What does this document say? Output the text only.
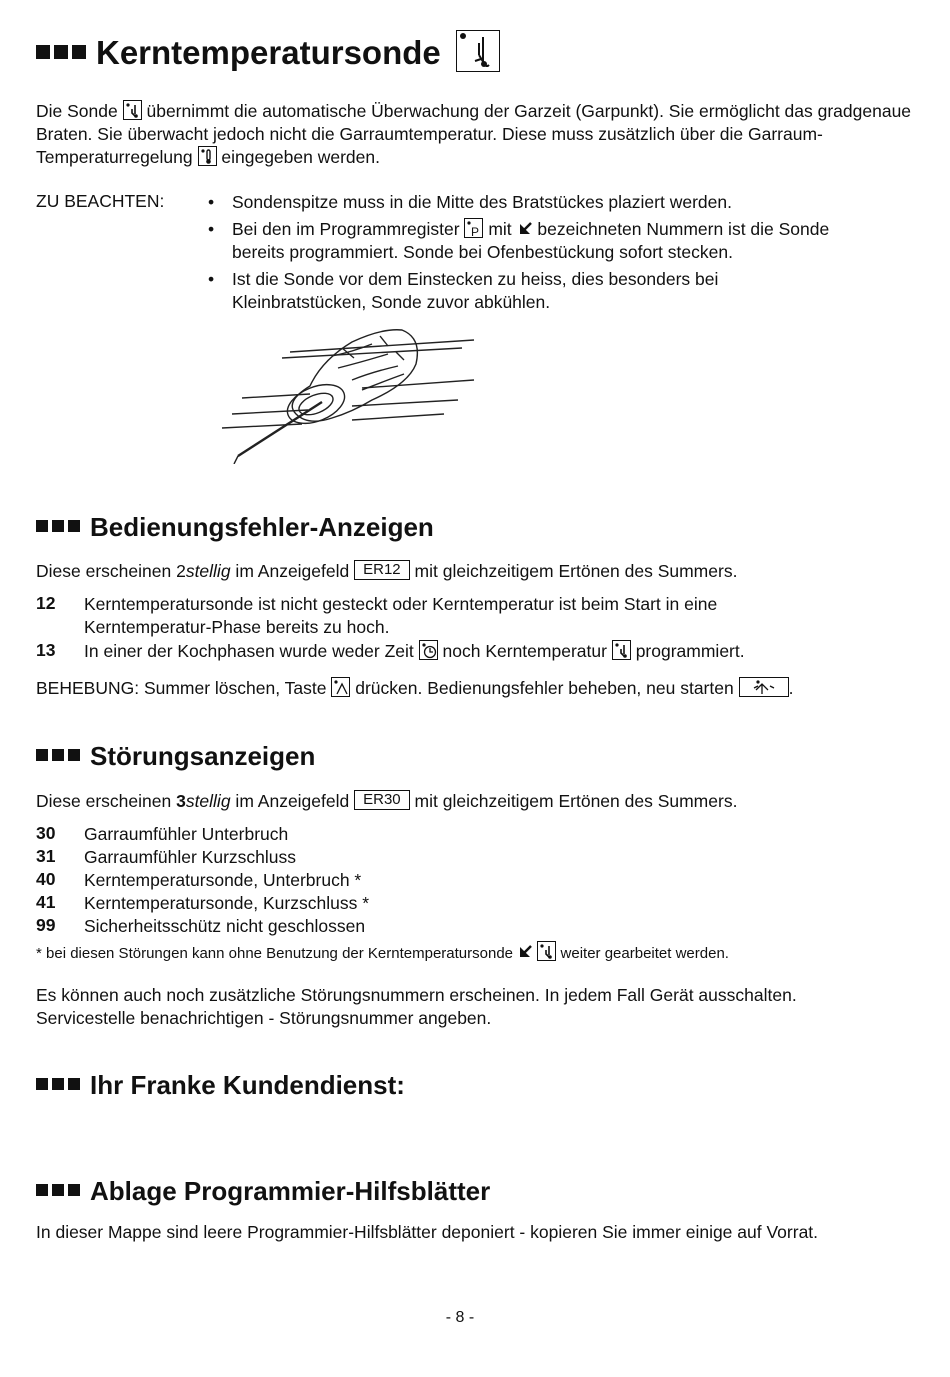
Kerntemperatursonde
Die Sonde übernimmt die automatische Überwachung der Garzeit (Garpunkt). Sie ermöglicht das gradgenaue Braten. Sie überwacht jedoch nicht die Garraumtemperatur. Diese muss zusätzlich über die Garraum-Temperaturregelung eingegeben werden.
ZU BEACHTEN:
•	Sondenspitze muss in die Mitte des Bratstückes plaziert werden.
• Bei den im Programmregister P mit bezeichneten Nummern ist die Sonde bereits programmiert. Sonde bei Ofenbestückung sofort stecken.
• Ist die Sonde vor dem Einstecken zu heiss, dies besonders bei Kleinbratstücken, Sonde zuvor abkühlen.
Bedienungsfehler-Anzeigen
Diese erscheinen 2stellig im Anzeigefeld ER12 mit gleichzeitigem Ertönen des Summers.
12 Kerntemperatursonde ist nicht gesteckt oder Kerntemperatur ist beim Start in eine Kerntemperatur-Phase bereits zu hoch.
13 In einer der Kochphasen wurde weder Zeit noch Kerntemperatur programmiert.
BEHEBUNG: Summer löschen, Taste drücken. Bedienungsfehler beheben, neu starten	.
Störungsanzeigen
Diese erscheinen 3stellig im Anzeigefeld ER30 mit gleichzeitigem Ertönen des Summers.
30 Garraumfühler Unterbruch
31 Garraumfühler Kurzschluss
40 Kerntemperatursonde, Unterbruch *
41 Kerntemperatursonde, Kurzschluss *
99 Sicherheitsschütz nicht geschlossen
* bei diesen Störungen kann ohne Benutzung der Kerntemperatursonde	weiter gearbeitet werden.
Es können auch noch zusätzliche Störungsnummern erscheinen. In jedem Fall Gerät ausschalten. Servicestelle benachrichtigen - Störungsnummer angeben.
Ihr Franke Kundendienst:
Ablage Programmier-Hilfsblätter
In dieser Mappe sind leere Programmier-Hilfsblätter deponiert - kopieren Sie immer einige auf Vorrat.
- 8 -
